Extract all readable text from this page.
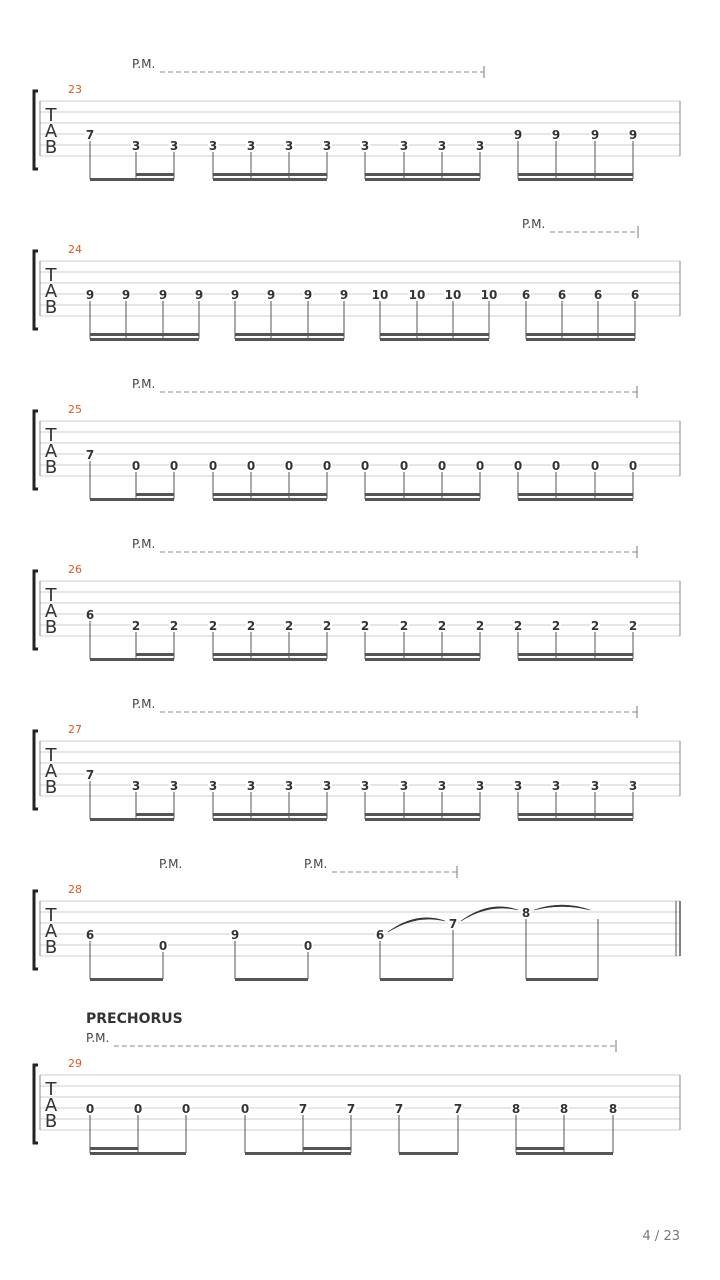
P.M.
23
T
A
B
7
3 3	3 3 3 3 3	3 3 3
9 9	9 9
P.M.
24
T
A
B
9 9 9 9 9 9 9 9 10 10 10 10 6 6 6 6
P.M.
25
T
A
B
7
0 0	0 0 0 0 0	0 0 0 0 0	0 0
P.M.
26
T
A
B
6
2 2	2 2 2 2 2	2 2 2 2 2	2 2
P.M.
27
T
A
B
7
3 3	3 3 3 3 3	3 3 3 3 3	3 3
P.M.	P.M.
28
T
A
B
6
0
9
0
6
7
8
PRECHORUS
P.M.
29
T
A
B
0	0	0	0	7	7	7	7	8	8	8
4 / 23
